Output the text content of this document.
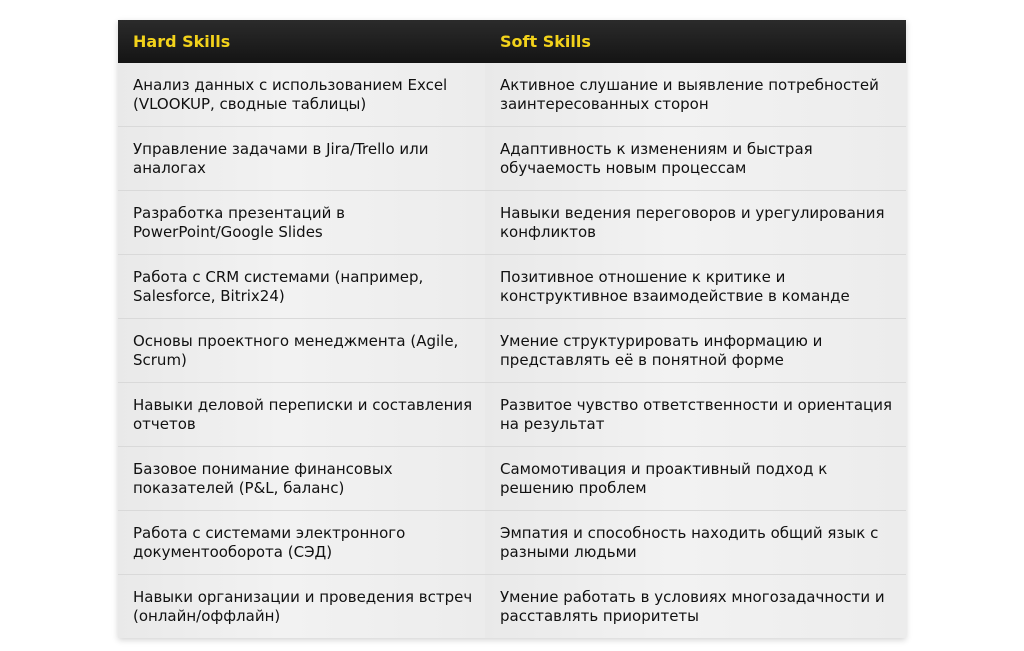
Hard Skills	Soft Skills
Анализ данных с использованием Excel (VLOOKUP, сводные таблицы)	Активное слушание и выявление потребностей заинтересованных сторон
Управление задачами в Jira/Trello или аналогах	Адаптивность к изменениям и быстрая обучаемость новым процессам
Разработка презентаций в PowerPoint/Google Slides	Навыки ведения переговоров и урегулирования конфликтов
Работа с CRM системами (например, Salesforce, Bitrix24)	Позитивное отношение к критике и конструктивное взаимодействие в команде
Основы проектного менеджмента (Agile, Scrum)	Умение структурировать информацию и представлять её в понятной форме
Навыки деловой переписки и составления отчетов	Развитое чувство ответственности и ориентация на результат
Базовое понимание финансовых показателей (P&L, баланс)	Самомотивация и проактивный подход к решению проблем
Работа с системами электронного документооборота (СЭД)	Эмпатия и способность находить общий язык с разными людьми
Навыки организации и проведения встреч (онлайн/оффлайн)	Умение работать в условиях многозадачности и расставлять приоритеты
